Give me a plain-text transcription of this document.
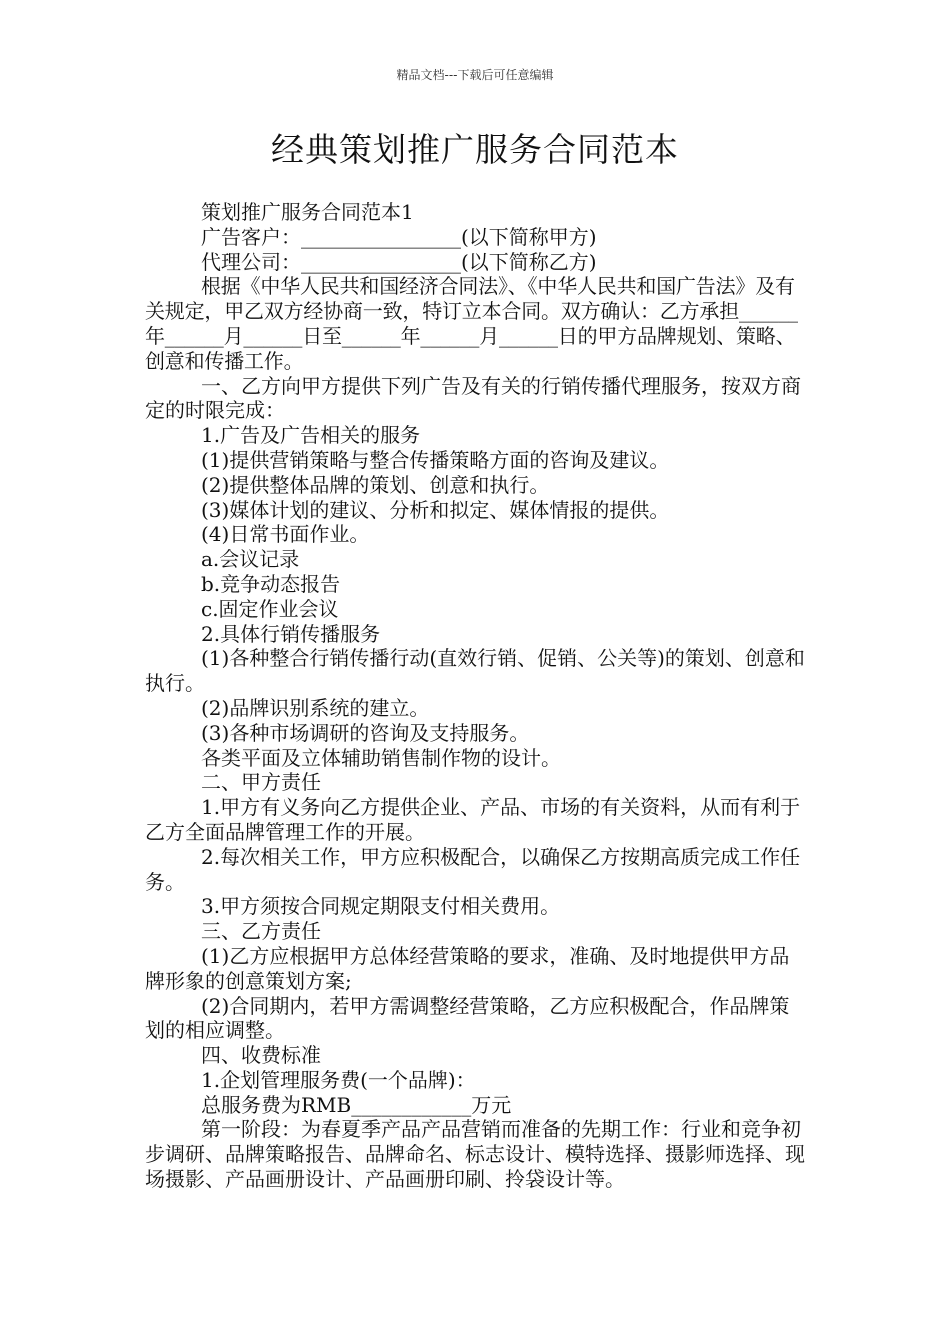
精品文档---下载后可任意编辑
经典策划推广服务合同范本

策划推广服务合同范本1

广告客户：________________(以下简称甲方)

代理公司：________________(以下简称乙方)

根据《中华人民共和国经济合同法》、《中华人民共和国广告法》及有关规定，甲乙双方经协商一致，特订立本合同。双方确认：乙方承担______年______月______日至______年______月______日的甲方品牌规划、策略、创意和传播工作。

一、乙方向甲方提供下列广告及有关的行销传播代理服务，按双方商定的时限完成：

1.广告及广告相关的服务

(1)提供营销策略与整合传播策略方面的咨询及建议。

(2)提供整体品牌的策划、创意和执行。

(3)媒体计划的建议、分析和拟定、媒体情报的提供。

(4)日常书面作业。

a.会议记录

b.竞争动态报告

c.固定作业会议

2.具体行销传播服务

(1)各种整合行销传播行动(直效行销、促销、公关等)的策划、创意和执行。

(2)品牌识别系统的建立。

(3)各种市场调研的咨询及支持服务。

各类平面及立体辅助销售制作物的设计。

二、甲方责任

1.甲方有义务向乙方提供企业、产品、市场的有关资料，从而有利于乙方全面品牌管理工作的开展。

2.每次相关工作，甲方应积极配合，以确保乙方按期高质完成工作任务。

3.甲方须按合同规定期限支付相关费用。

三、乙方责任

(1)乙方应根据甲方总体经营策略的要求，准确、及时地提供甲方品牌形象的创意策划方案;

(2)合同期内，若甲方需调整经营策略，乙方应积极配合，作品牌策划的相应调整。

四、收费标准

1.企划管理服务费(一个品牌)：

总服务费为RMB____________万元

第一阶段：为春夏季产品产品营销而准备的先期工作：行业和竞争初步调研、品牌策略报告、品牌命名、标志设计、模特选择、摄影师选择、现场摄影、产品画册设计、产品画册印刷、拎袋设计等。
